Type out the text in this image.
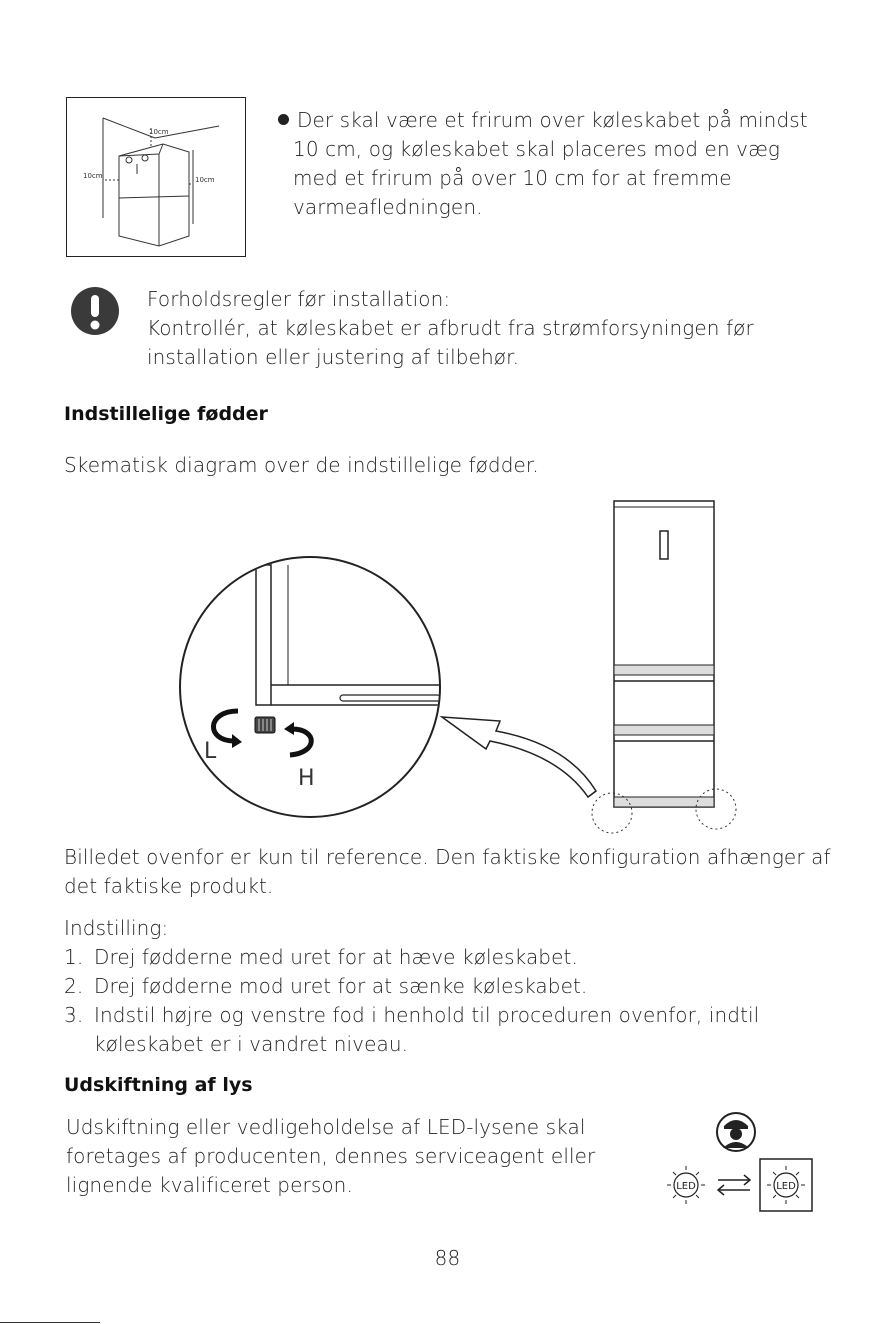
10cm
10cm	10cm
Der skal være et frirum over køleskabet på mindst
10 cm, og køleskabet skal placeres mod en væg
med et frirum på over 10 cm for at fremme
varmeafledningen.
Forholdsregler før installation:
Kontrollér, at køleskabet er afbrudt fra strømforsyningen før
installation eller justering af tilbehør.
Indstillelige fødder
Skematisk diagram over de indstillelige fødder.
L
H
Billedet ovenfor er kun til reference. Den faktiske konfiguration afhænger af
det faktiske produkt.
Indstilling:
1. Drej fødderne med uret for at hæve køleskabet.
2. Drej fødderne mod uret for at sænke køleskabet.
3. Indstil højre og venstre fod i henhold til proceduren ovenfor, indtil
køleskabet er i vandret niveau.
Udskiftning af lys
Udskiftning eller vedligeholdelse af LED-lysene skal
foretages af producenten, dennes serviceagent eller
lignende kvalificeret person.	LED	LED
88
